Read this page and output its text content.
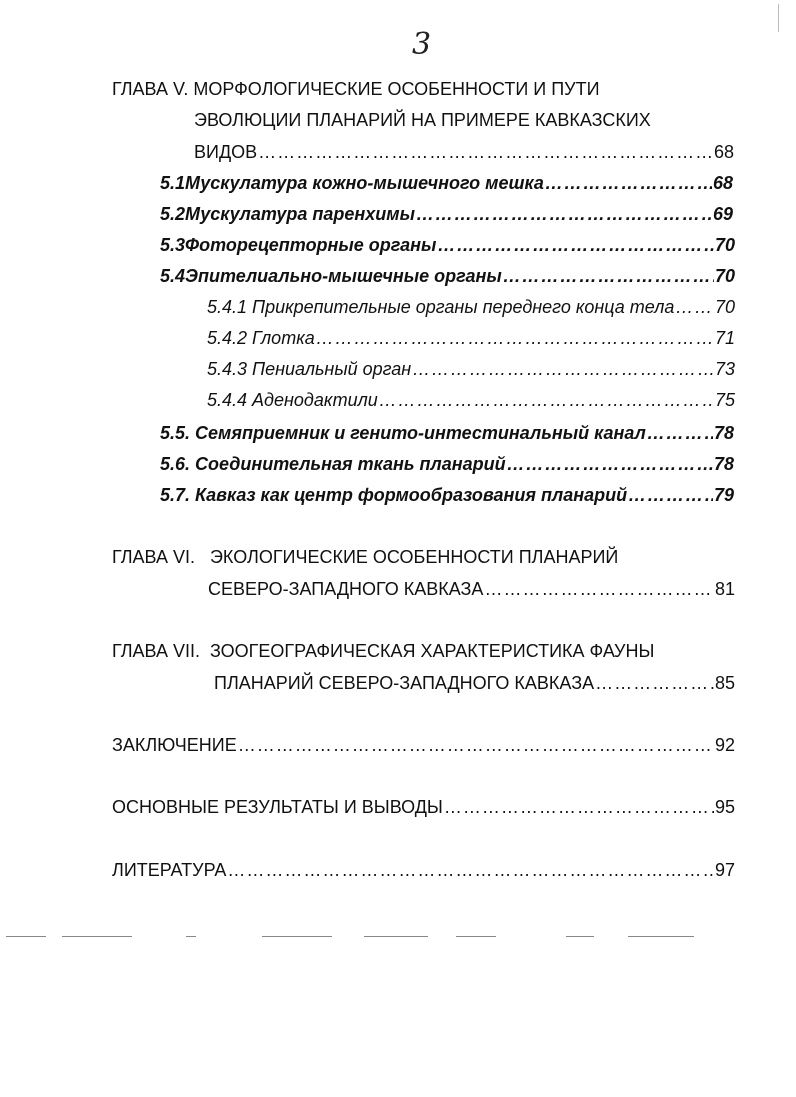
3
ГЛАВА V. МОРФОЛОГИЧЕСКИЕ ОСОБЕННОСТИ И ПУТИ
ЭВОЛЮЦИИ ПЛАНАРИЙ НА ПРИМЕРЕ КАВКАЗСКИХ
ВИДОВ ……………………………………………………………………………………………………………………………………………………………………	68
5.1 Мускулатура кожно-мышечного мешка ……………………………………………………………………………………………………………………………………………………………………	68
5.2 Мускулатура паренхимы ……………………………………………………………………………………………………………………………………………………………………	69
5.3 Фоторецепторные органы ……………………………………………………………………………………………………………………………………………………………………	70
5.4 Эпителиально-мышечные органы ……………………………………………………………………………………………………………………………………………………………………	70
5.4.1 Прикрепительные органы переднего конца тела …………………………………………………………………………………………………………………………………………………………………… 70
5.4.2 Глотка ……………………………………………………………………………………………………………………………………………………………………	71
5.4.3 Пениальный орган ……………………………………………………………………………………………………………………………………………………………………	73
5.4.4 Аденодактили ……………………………………………………………………………………………………………………………………………………………………	75
5.5. Семяприемник и генито-интестинальный канал ……………………………………………………………………………………………………………………………………………………………………	78
5.6. Соединительная ткань планарий ……………………………………………………………………………………………………………………………………………………………………	78
5.7. Кавказ как центр формообразования планарий ……………………………………………………………………………………………………………………………………………………………………	79
ГЛАВА VI.   ЭКОЛОГИЧЕСКИЕ ОСОБЕННОСТИ ПЛАНАРИЙ
СЕВЕРО-ЗАПАДНОГО КАВКАЗА ……………………………………………………………………………………………………………………………………………………………………	81
ГЛАВА VII.  ЗООГЕОГРАФИЧЕСКАЯ ХАРАКТЕРИСТИКА ФАУНЫ
ПЛАНАРИЙ СЕВЕРО-ЗАПАДНОГО КАВКАЗА ……………………………………………………………………………………………………………………………………………………………………	85
ЗАКЛЮЧЕНИЕ ……………………………………………………………………………………………………………………………………………………………………	92
ОСНОВНЫЕ РЕЗУЛЬТАТЫ И ВЫВОДЫ ……………………………………………………………………………………………………………………………………………………………………	95
ЛИТЕРАТУРА ……………………………………………………………………………………………………………………………………………………………………	97
